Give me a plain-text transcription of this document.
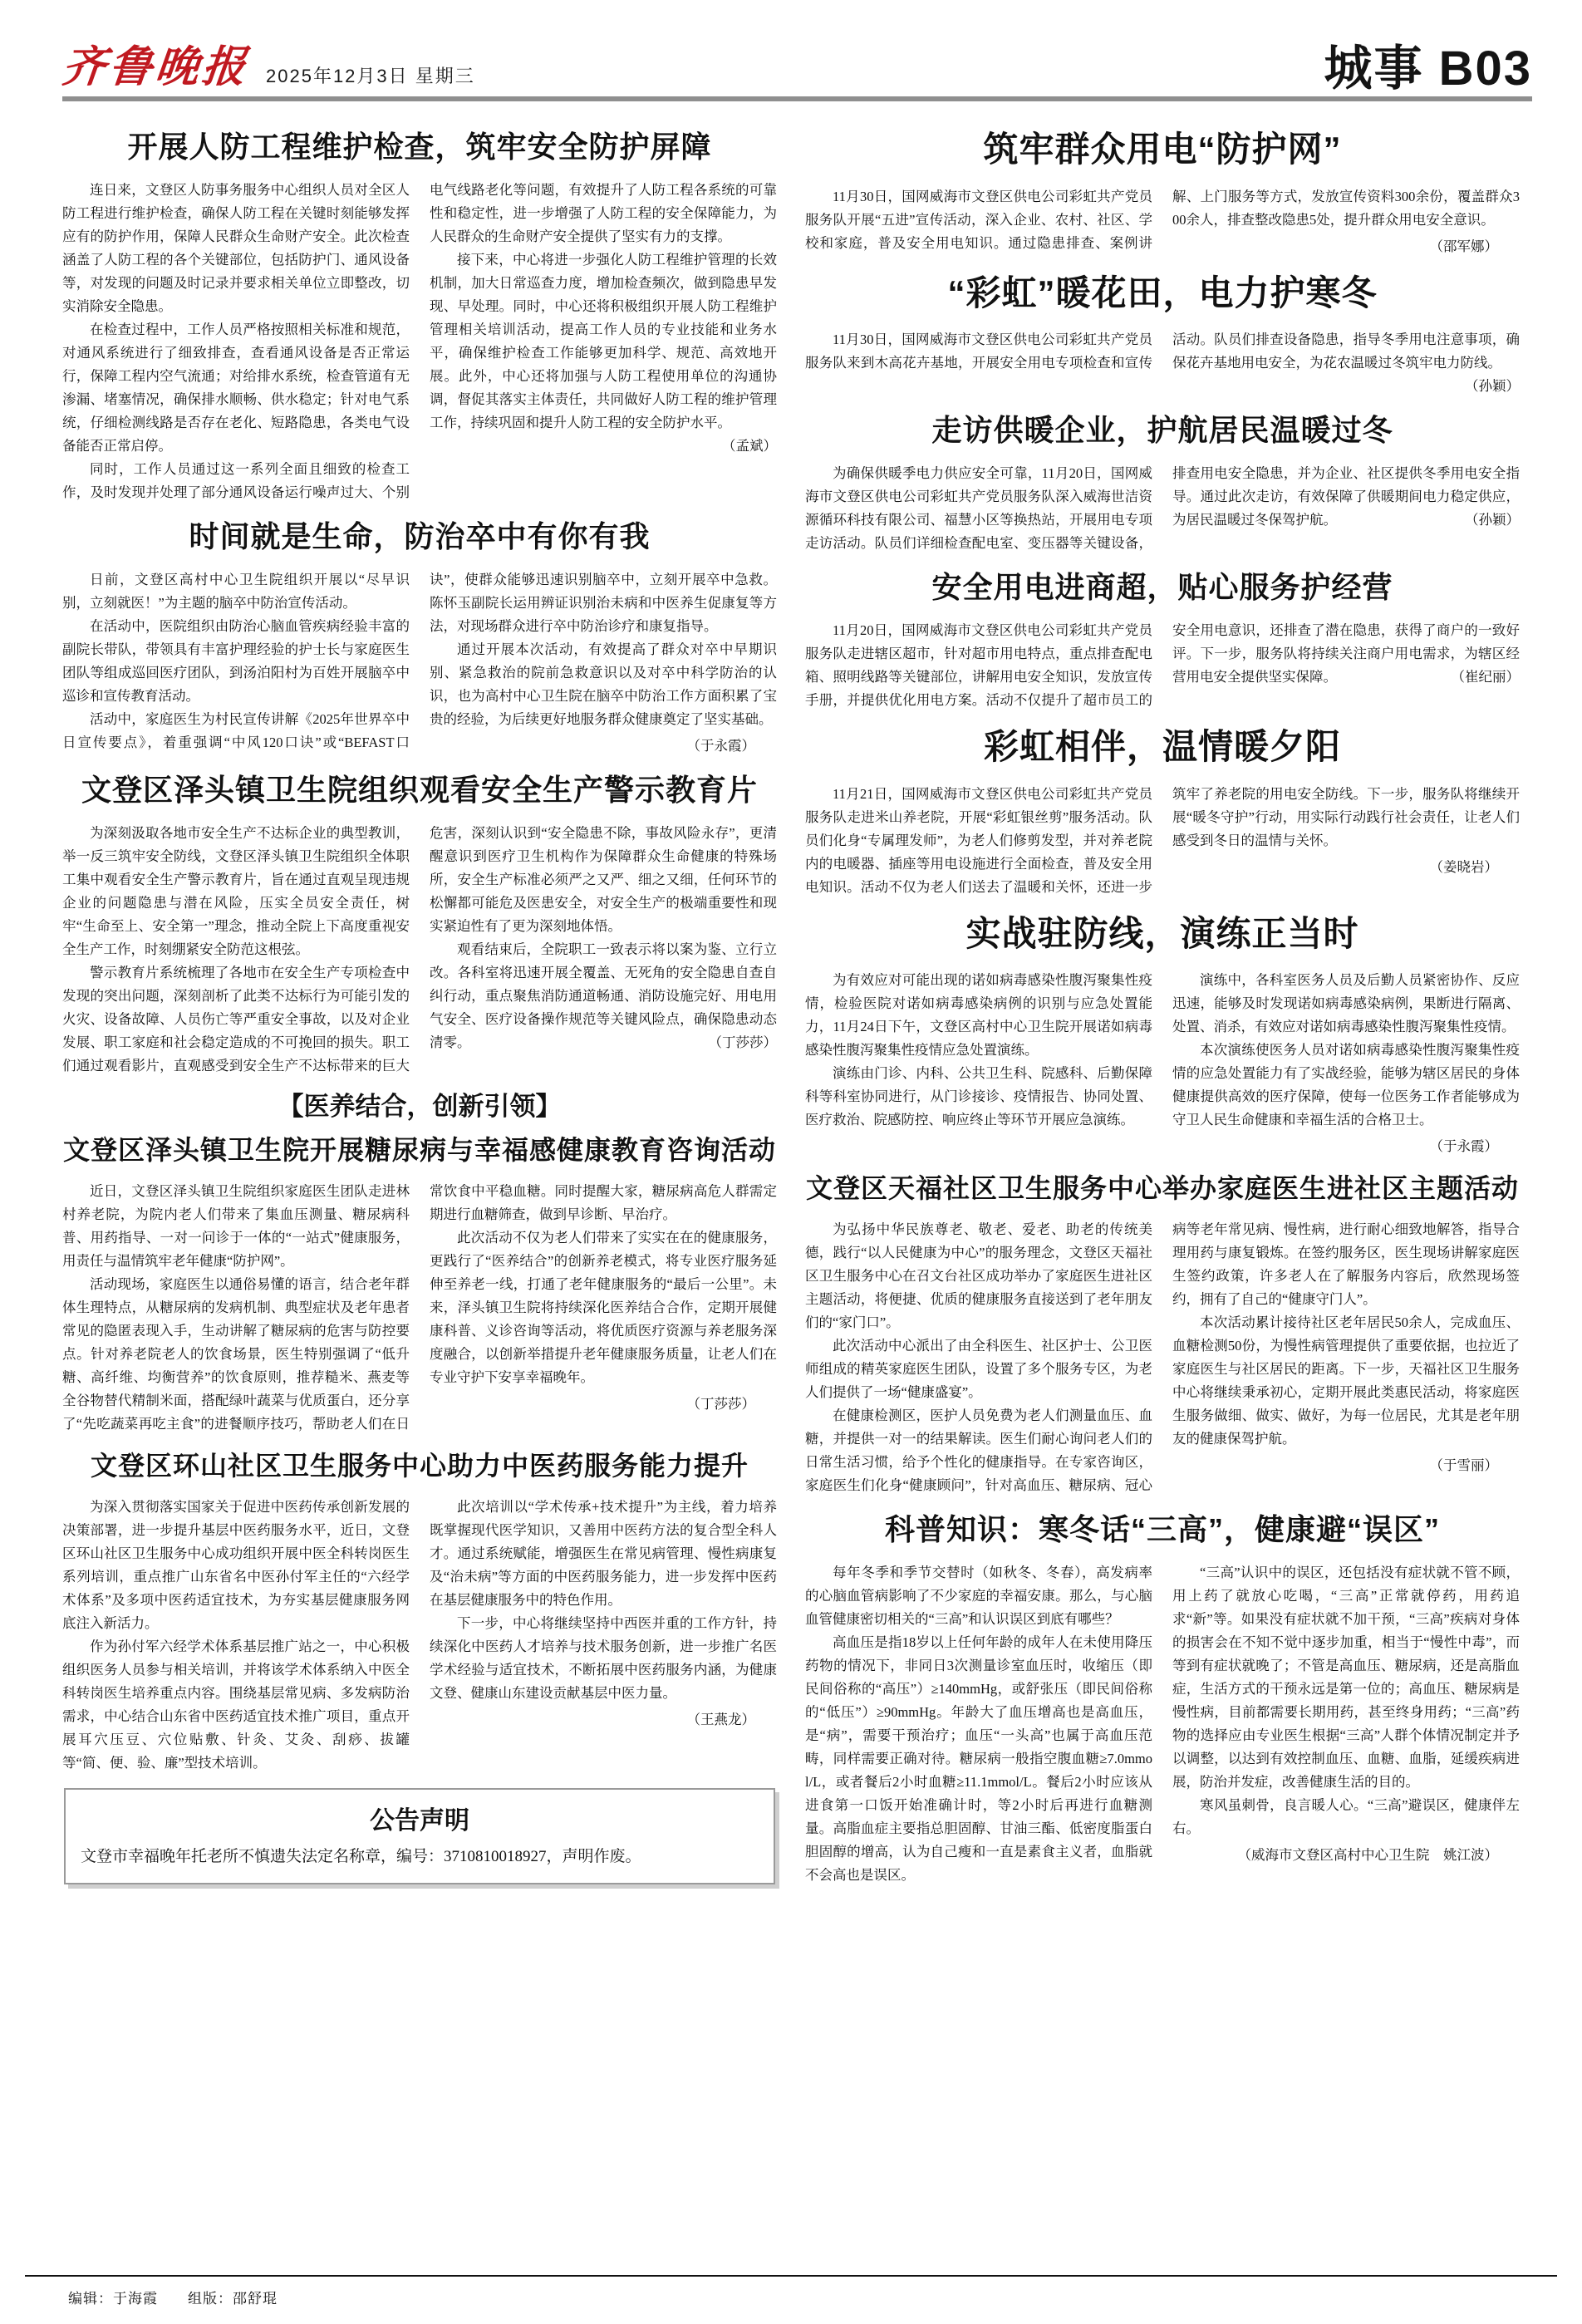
齐鲁晚报 2025年12月3日 星期三	城事 B03
开展人防工程维护检查，筑牢安全防护屏障

连日来，文登区人防事务服务中心组织人员对全区人防工程进行维护检查，确保人防工程在关键时刻能够发挥应有的防护作用，保障人民群众生命财产安全。此次检查涵盖了人防工程的各个关键部位，包括防护门、通风设备等，对发现的问题及时记录并要求相关单位立即整改，切实消除安全隐患。

在检查过程中，工作人员严格按照相关标准和规范，对通风系统进行了细致排查，查看通风设备是否正常运行，保障工程内空气流通；对给排水系统，检查管道有无渗漏、堵塞情况，确保排水顺畅、供水稳定；针对电气系统，仔细检测线路是否存在老化、短路隐患，各类电气设备能否正常启停。

同时，工作人员通过这一系列全面且细致的检查工作，及时发现并处理了部分通风设备运行噪声过大、个别电气线路老化等问题，有效提升了人防工程各系统的可靠性和稳定性，进一步增强了人防工程的安全保障能力，为人民群众的生命财产安全提供了坚实有力的支撑。

接下来，中心将进一步强化人防工程维护管理的长效机制，加大日常巡查力度，增加检查频次，做到隐患早发现、早处理。同时，中心还将积极组织开展人防工程维护管理相关培训活动，提高工作人员的专业技能和业务水平，确保维护检查工作能够更加科学、规范、高效地开展。此外，中心还将加强与人防工程使用单位的沟通协调，督促其落实主体责任，共同做好人防工程的维护管理工作，持续巩固和提升人防工程的安全防护水平。
（孟斌）

时间就是生命，防治卒中有你有我

日前，文登区高村中心卫生院组织开展以“尽早识别，立刻就医！”为主题的脑卒中防治宣传活动。

在活动中，医院组织由防治心脑血管疾病经验丰富的副院长带队，带领具有丰富护理经验的护士长与家庭医生团队等组成巡回医疗团队，到汤泊阳村为百姓开展脑卒中巡诊和宣传教育活动。

活动中，家庭医生为村民宣传讲解《2025年世界卒中日宣传要点》，着重强调“中风120口诀”或“BEFAST口诀”，使群众能够迅速识别脑卒中，立刻开展卒中急救。陈怀玉副院长运用辨证识别治未病和中医养生促康复等方法，对现场群众进行卒中防治诊疗和康复指导。

通过开展本次活动，有效提高了群众对卒中早期识别、紧急救治的院前急救意识以及对卒中科学防治的认识，也为高村中心卫生院在脑卒中防治工作方面积累了宝贵的经验，为后续更好地服务群众健康奠定了坚实基础。

（于永霞）
文登区泽头镇卫生院组织观看安全生产警示教育片

为深刻汲取各地市安全生产不达标企业的典型教训，举一反三筑牢安全防线，文登区泽头镇卫生院组织全体职工集中观看安全生产警示教育片，旨在通过直观呈现违规企业的问题隐患与潜在风险，压实全员安全责任，树牢“生命至上、安全第一”理念，推动全院上下高度重视安全生产工作，时刻绷紧安全防范这根弦。

警示教育片系统梳理了各地市在安全生产专项检查中发现的突出问题，深刻剖析了此类不达标行为可能引发的火灾、设备故障、人员伤亡等严重安全事故，以及对企业发展、职工家庭和社会稳定造成的不可挽回的损失。职工们通过观看影片，直观感受到安全生产不达标带来的巨大危害，深刻认识到“安全隐患不除，事故风险永存”，更清醒意识到医疗卫生机构作为保障群众生命健康的特殊场所，安全生产标准必须严之又严、细之又细，任何环节的松懈都可能危及医患安全，对安全生产的极端重要性和现实紧迫性有了更为深刻地体悟。

观看结束后，全院职工一致表示将以案为鉴、立行立改。各科室将迅速开展全覆盖、无死角的安全隐患自查自纠行动，重点聚焦消防通道畅通、消防设施完好、用电用气安全、医疗设备操作规范等关键风险点，确保隐患动态清零。	（丁莎莎）

【医养结合，创新引领】
文登区泽头镇卫生院开展糖尿病与幸福感健康教育咨询活动

近日，文登区泽头镇卫生院组织家庭医生团队走进林村养老院，为院内老人们带来了集血压测量、糖尿病科普、用药指导、一对一问诊于一体的“一站式”健康服务，用责任与温情筑牢老年健康“防护网”。

活动现场，家庭医生以通俗易懂的语言，结合老年群体生理特点，从糖尿病的发病机制、典型症状及老年患者常见的隐匿表现入手，生动讲解了糖尿病的危害与防控要点。针对养老院老人的饮食场景，医生特别强调了“低升糖、高纤维、均衡营养”的饮食原则，推荐糙米、燕麦等全谷物替代精制米面，搭配绿叶蔬菜与优质蛋白，还分享了“先吃蔬菜再吃主食”的进餐顺序技巧，帮助老人们在日常饮食中平稳血糖。同时提醒大家，糖尿病高危人群需定期进行血糖筛查，做到早诊断、早治疗。

此次活动不仅为老人们带来了实实在在的健康服务，更践行了“医养结合”的创新养老模式，将专业医疗服务延伸至养老一线，打通了老年健康服务的“最后一公里”。未来，泽头镇卫生院将持续深化医养结合合作，定期开展健康科普、义诊咨询等活动，将优质医疗资源与养老服务深度融合，以创新举措提升老年健康服务质量，让老人们在专业守护下安享幸福晚年。

（丁莎莎）
文登区环山社区卫生服务中心助力中医药服务能力提升

为深入贯彻落实国家关于促进中医药传承创新发展的决策部署，进一步提升基层中医药服务水平，近日，文登区环山社区卫生服务中心成功组织开展中医全科转岗医生系列培训，重点推广山东省名中医孙付军主任的“六经学术体系”及多项中医药适宜技术，为夯实基层健康服务网底注入新活力。

作为孙付军六经学术体系基层推广站之一，中心积极组织医务人员参与相关培训，并将该学术体系纳入中医全科转岗医生培养重点内容。围绕基层常见病、多发病防治需求，中心结合山东省中医药适宜技术推广项目，重点开展耳穴压豆、穴位贴敷、针灸、艾灸、刮痧、拔罐等“简、便、验、廉”型技术培训。

此次培训以“学术传承+技术提升”为主线，着力培养既掌握现代医学知识，又善用中医药方法的复合型全科人才。通过系统赋能，增强医生在常见病管理、慢性病康复及“治未病”等方面的中医药服务能力，进一步发挥中医药在基层健康服务中的特色作用。

下一步，中心将继续坚持中西医并重的工作方针，持续深化中医药人才培养与技术服务创新，进一步推广名医学术经验与适宜技术，不断拓展中医药服务内涵，为健康文登、健康山东建设贡献基层中医力量。

（王燕龙）
公告声明
文登市幸福晚年托老所不慎遗失法定名称章，编号：3710810018927，声明作废。
筑牢群众用电“防护网”

11月30日，国网威海市文登区供电公司彩虹共产党员服务队开展“五进”宣传活动，深入企业、农村、社区、学校和家庭，普及安全用电知识。通过隐患排查、案例讲解、上门服务等方式，发放宣传资料300余份，覆盖群众300余人，排查整改隐患5处，提升群众用电安全意识。

（邵军娜）
“彩虹”暖花田，电力护寒冬

11月30日，国网威海市文登区供电公司彩虹共产党员服务队来到木高花卉基地，开展安全用电专项检查和宣传活动。队员们排查设备隐患，指导冬季用电注意事项，确保花卉基地用电安全，为花农温暖过冬筑牢电力防线。
（孙颖）

走访供暖企业，护航居民温暖过冬

为确保供暖季电力供应安全可靠，11月20日，国网威海市文登区供电公司彩虹共产党员服务队深入威海世洁资源循环科技有限公司、福慧小区等换热站，开展用电专项走访活动。队员们详细检查配电室、变压器等关键设备，排查用电安全隐患，并为企业、社区提供冬季用电安全指导。通过此次走访，有效保障了供暖期间电力稳定供应，为居民温暖过冬保驾护航。	（孙颖）

安全用电进商超，贴心服务护经营

11月20日，国网威海市文登区供电公司彩虹共产党员服务队走进辖区超市，针对超市用电特点，重点排查配电箱、照明线路等关键部位，讲解用电安全知识，发放宣传手册，并提供优化用电方案。活动不仅提升了超市员工的安全用电意识，还排查了潜在隐患，获得了商户的一致好评。下一步，服务队将持续关注商户用电需求，为辖区经营用电安全提供坚实保障。	（崔纪丽）

彩虹相伴，温情暖夕阳

11月21日，国网威海市文登区供电公司彩虹共产党员服务队走进米山养老院，开展“彩虹银丝剪”服务活动。队员们化身“专属理发师”，为老人们修剪发型，并对养老院内的电暖器、插座等用电设施进行全面检查，普及安全用电知识。活动不仅为老人们送去了温暖和关怀，还进一步筑牢了养老院的用电安全防线。下一步，服务队将继续开展“暖冬守护”行动，用实际行动践行社会责任，让老人们感受到冬日的温情与关怀。

（姜晓岩）
实战驻防线，演练正当时

为有效应对可能出现的诺如病毒感染性腹泻聚集性疫情，检验医院对诺如病毒感染病例的识别与应急处置能力，11月24日下午，文登区高村中心卫生院开展诺如病毒感染性腹泻聚集性疫情应急处置演练。

演练由门诊、内科、公共卫生科、院感科、后勤保障科等科室协同进行，从门诊接诊、疫情报告、协同处置、医疗救治、院感防控、响应终止等环节开展应急演练。

演练中，各科室医务人员及后勤人员紧密协作、反应迅速，能够及时发现诺如病毒感染病例，果断进行隔离、处置、消杀，有效应对诺如病毒感染性腹泻聚集性疫情。

本次演练使医务人员对诺如病毒感染性腹泻聚集性疫情的应急处置能力有了实战经验，能够为辖区居民的身体健康提供高效的医疗保障，使每一位医务工作者能够成为守卫人民生命健康和幸福生活的合格卫士。

（于永霞）
文登区天福社区卫生服务中心举办家庭医生进社区主题活动

为弘扬中华民族尊老、敬老、爱老、助老的传统美德，践行“以人民健康为中心”的服务理念，文登区天福社区卫生服务中心在召文台社区成功举办了家庭医生进社区主题活动，将便捷、优质的健康服务直接送到了老年朋友们的“家门口”。

此次活动中心派出了由全科医生、社区护士、公卫医师组成的精英家庭医生团队，设置了多个服务专区，为老人们提供了一场“健康盛宴”。

在健康检测区，医护人员免费为老人们测量血压、血糖，并提供一对一的结果解读。医生们耐心询问老人们的日常生活习惯，给予个性化的健康指导。在专家咨询区，家庭医生们化身“健康顾问”，针对高血压、糖尿病、冠心病等老年常见病、慢性病，进行耐心细致地解答，指导合理用药与康复锻炼。在签约服务区，医生现场讲解家庭医生签约政策，许多老人在了解服务内容后，欣然现场签约，拥有了自己的“健康守门人”。

本次活动累计接待社区老年居民50余人，完成血压、血糖检测50份，为慢性病管理提供了重要依据，也拉近了家庭医生与社区居民的距离。下一步，天福社区卫生服务中心将继续秉承初心，定期开展此类惠民活动，将家庭医生服务做细、做实、做好，为每一位居民，尤其是老年朋友的健康保驾护航。

（于雪丽）
科普知识：寒冬话“三高”，健康避“误区”

每年冬季和季节交替时（如秋冬、冬春），高发病率的心脑血管病影响了不少家庭的幸福安康。那么，与心脑血管健康密切相关的“三高”和认识误区到底有哪些？

高血压是指18岁以上任何年龄的成年人在未使用降压药物的情况下，非同日3次测量诊室血压时，收缩压（即民间俗称的“高压”）≥140mmHg，或舒张压（即民间俗称的“低压”）≥90mmHg。年龄大了血压增高也是高血压，是“病”，需要干预治疗；血压“一头高”也属于高血压范畴，同样需要正确对待。糖尿病一般指空腹血糖≥7.0mmol/L，或者餐后2小时血糖≥11.1mmol/L。餐后2小时应该从进食第一口饭开始准确计时，等2小时后再进行血糖测量。高脂血症主要指总胆固醇、甘油三酯、低密度脂蛋白胆固醇的增高，认为自己瘦和一直是素食主义者，血脂就不会高也是误区。

“三高”认识中的误区，还包括没有症状就不管不顾，用上药了就放心吃喝，“三高”正常就停药，用药追求“新”等。如果没有症状就不加干预，“三高”疾病对身体的损害会在不知不觉中逐步加重，相当于“慢性中毒”，而等到有症状就晚了；不管是高血压、糖尿病，还是高脂血症，生活方式的干预永远是第一位的；高血压、糖尿病是慢性病，目前都需要长期用药，甚至终身用药；“三高”药物的选择应由专业医生根据“三高”人群个体情况制定并予以调整，以达到有效控制血压、血糖、血脂，延缓疾病进展，防治并发症，改善健康生活的目的。

寒风虽刺骨，良言暖人心。“三高”避误区，健康伴左右。

（威海市文登区高村中心卫生院　姚江波）
编辑：于海霞　　组版：邵舒琨
